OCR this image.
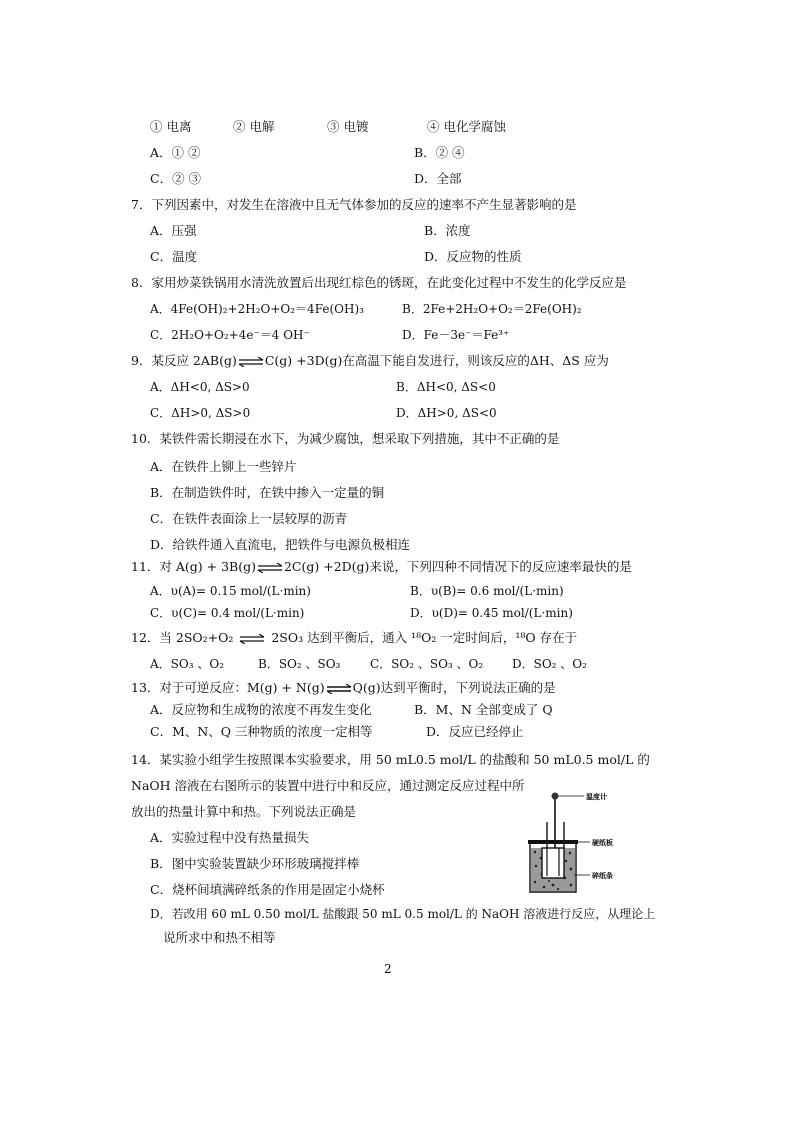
① 电离	② 电解	③ 电镀	④ 电化学腐蚀
A．① ②	B．② ④
C．② ③	D．全部
7．下列因素中，对发生在溶液中且无气体参加的反应的速率不产生显著影响的是
A．压强	B．浓度
C．温度	D．反应物的性质
8．家用炒菜铁锅用水清洗放置后出现红棕色的锈斑，在此变化过程中不发生的化学反应是
A．4Fe(OH)₂+2H₂O+O₂＝4Fe(OH)₃	B．2Fe+2H₂O+O₂＝2Fe(OH)₂
C．2H₂O+O₂+4e⁻＝4 OH⁻	D．Fe－3e⁻＝Fe³⁺
9．某反应 2AB(g)⇌C(g) +3D(g)在高温下能自发进行，则该反应的ΔH、ΔS 应为
A．ΔH<0, ΔS>0	B．ΔH<0, ΔS<0
C．ΔH>0, ΔS>0	D．ΔH>0, ΔS<0
10．某铁件需长期浸在水下，为减少腐蚀，想采取下列措施，其中不正确的是
A．在铁件上铆上一些锌片
B．在制造铁件时，在铁中掺入一定量的铜
C．在铁件表面涂上一层较厚的沥青
D．给铁件通入直流电，把铁件与电源负极相连
11．对 A(g) + 3B(g)⇌2C(g) +2D(g)来说，下列四种不同情况下的反应速率最快的是
A．υ(A)= 0.15 mol/(L·min)	B．υ(B)= 0.6 mol/(L·min)
C．υ(C)= 0.4 mol/(L·min)	D．υ(D)= 0.45 mol/(L·min)
12．当 2SO₂+O₂ ⇌ 2SO₃ 达到平衡后，通入 ¹⁸O₂ 一定时间后，¹⁸O 存在于
A．SO₃ 、O₂	B．SO₂ 、SO₃ C．SO₂ 、SO₃ 、O₂ D．SO₂ 、O₂
13．对于可逆反应：M(g) + N(g)⇌Q(g)达到平衡时，下列说法正确的是
A．反应物和生成物的浓度不再发生变化	B．M、N 全部变成了 Q
C．M、N、Q 三种物质的浓度一定相等	D．反应已经停止
14．某实验小组学生按照课本实验要求，用 50 mL0.5 mol/L 的盐酸和 50 mL0.5 mol/L 的
NaOH 溶液在右图所示的装置中进行中和反应，通过测定反应过程中所
放出的热量计算中和热。下列说法正确是
A．实验过程中没有热量损失
B．图中实验装置缺少环形玻璃搅拌棒
C．烧杯间填满碎纸条的作用是固定小烧杯
D．若改用 60 mL 0.50 mol/L 盐酸跟 50 mL 0.5 mol/L 的 NaOH 溶液进行反应，从理论上
说所求中和热不相等
温度计
硬纸板
碎纸条
2
